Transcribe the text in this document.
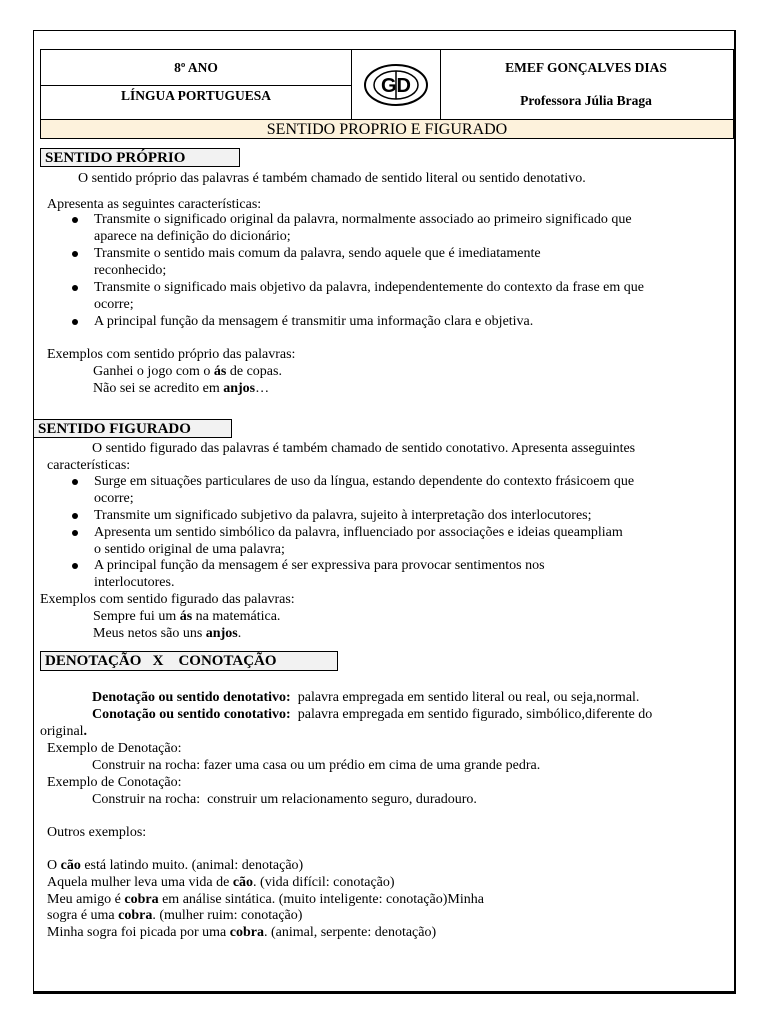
8º ANO
LÍNGUA PORTUGUESA	GD
EMEF GONÇALVES DIAS
Professora Júlia Braga
SENTIDO PROPRIO E FIGURADO
SENTIDO PRÓPRIO
O sentido próprio das palavras é também chamado de sentido literal ou sentido denotativo.
Apresenta as seguintes características:
Transmite o significado original da palavra, normalmente associado ao primeiro significado que
aparece na definição do dicionário;
Transmite o sentido mais comum da palavra, sendo aquele que é imediatamente
reconhecido;
Transmite o significado mais objetivo da palavra, independentemente do contexto da frase em que
ocorre;
A principal função da mensagem é transmitir uma informação clara e objetiva.
Exemplos com sentido próprio das palavras:
Ganhei o jogo com o ás de copas.
Não sei se acredito em anjos…
SENTIDO FIGURADO
O sentido figurado das palavras é também chamado de sentido conotativo. Apresenta asseguintes
características:
Surge em situações particulares de uso da língua, estando dependente do contexto frásicoem que
ocorre;
Transmite um significado subjetivo da palavra, sujeito à interpretação dos interlocutores;
Apresenta um sentido simbólico da palavra, influenciado por associações e ideias queampliam
o sentido original de uma palavra;
A principal função da mensagem é ser expressiva para provocar sentimentos nos
interlocutores.
Exemplos com sentido figurado das palavras:
Sempre fui um ás na matemática.
Meus netos são uns anjos.
DENOTAÇÃO   X    CONOTAÇÃO
Denotação ou sentido denotativo:  palavra empregada em sentido literal ou real, ou seja,normal.
Conotação ou sentido conotativo:  palavra empregada em sentido figurado, simbólico,diferente do
original.
Exemplo de Denotação:
Construir na rocha: fazer uma casa ou um prédio em cima de uma grande pedra.
Exemplo de Conotação:
Construir na rocha:  construir um relacionamento seguro, duradouro.
Outros exemplos:
O cão está latindo muito. (animal: denotação)
Aquela mulher leva uma vida de cão. (vida difícil: conotação)
Meu amigo é cobra em análise sintática. (muito inteligente: conotação)Minha
sogra é uma cobra. (mulher ruim: conotação)
Minha sogra foi picada por uma cobra. (animal, serpente: denotação)
